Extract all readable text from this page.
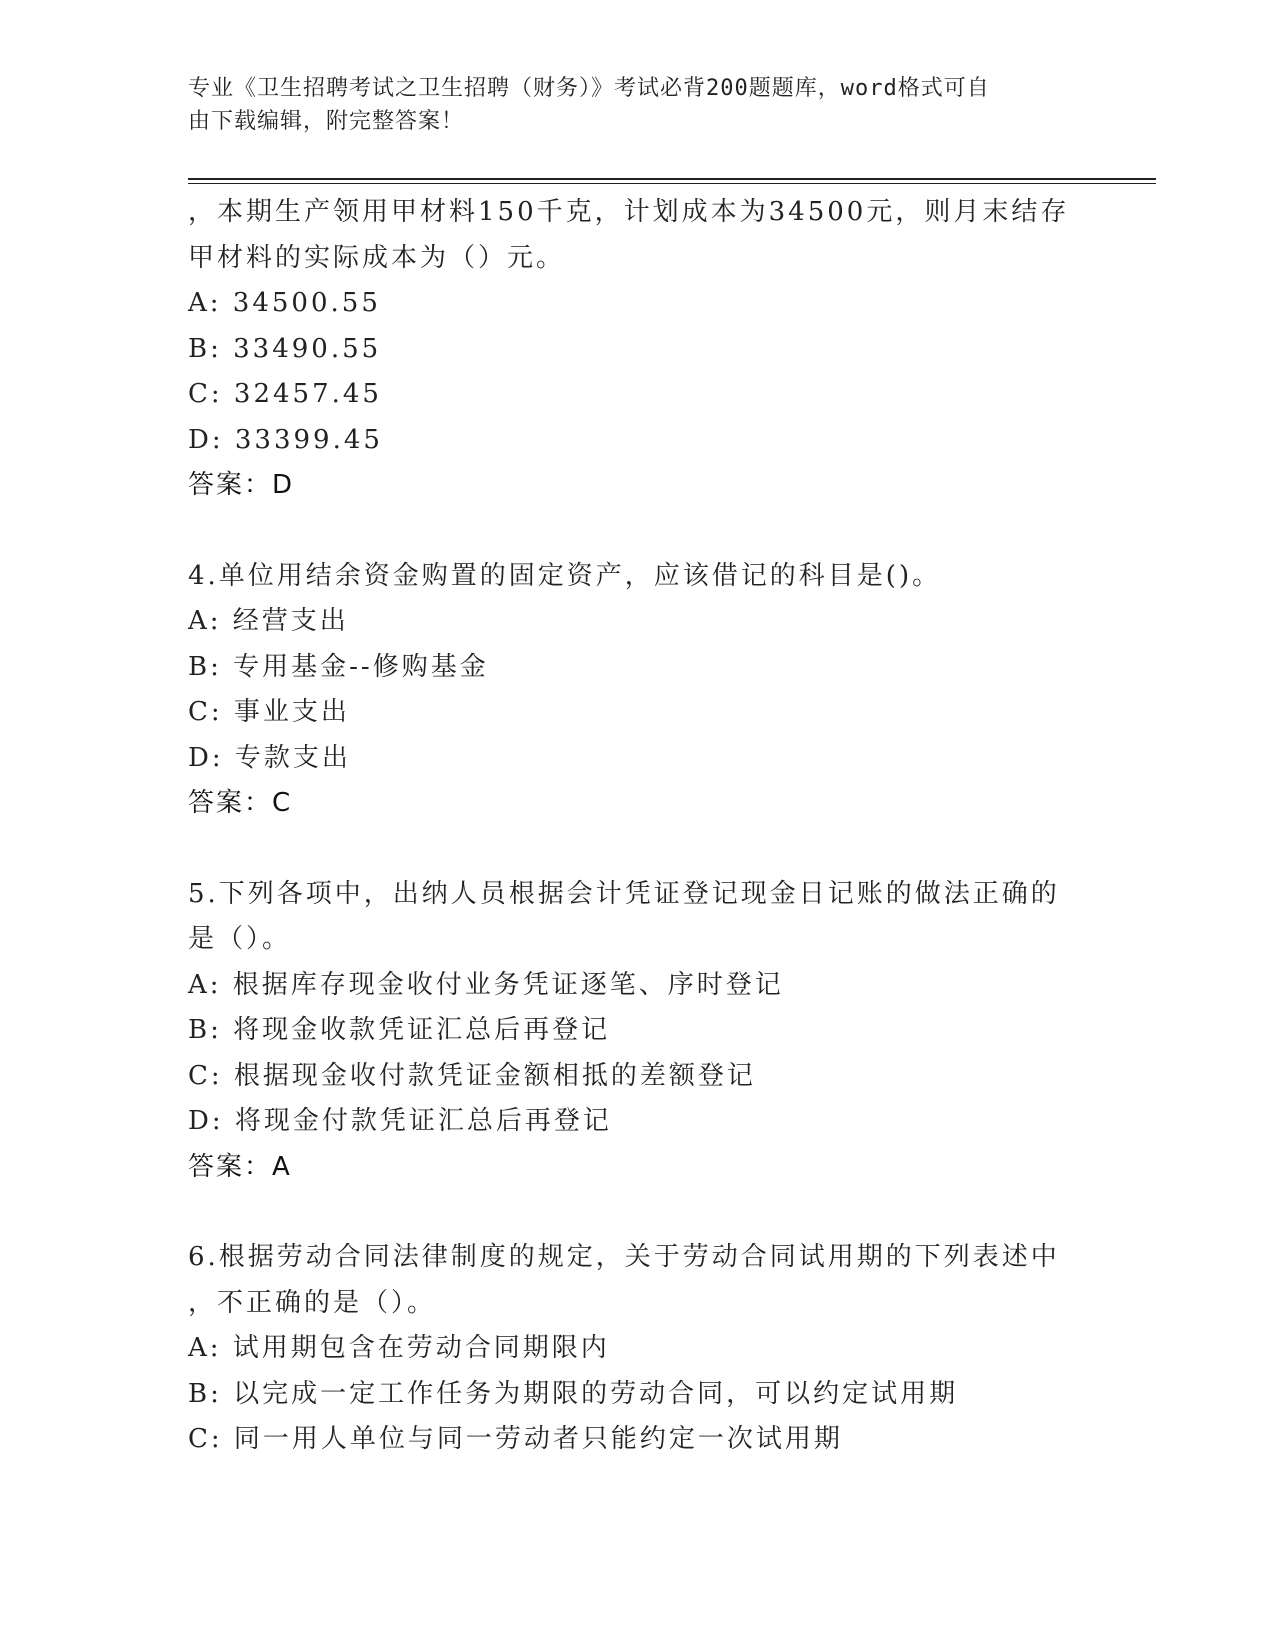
专业《卫生招聘考试之卫生招聘（财务）》考试必背200题题库，word格式可自
由下载编辑，附完整答案！
，本期生产领用甲材料150千克，计划成本为34500元，则月末结存
甲材料的实际成本为（）元。
A: 34500.55
B: 33490.55
C: 32457.45
D: 33399.45
答案：D
4.单位用结余资金购置的固定资产，应该借记的科目是()。
A: 经营支出
B: 专用基金--修购基金
C: 事业支出
D: 专款支出
答案：C
5.下列各项中，出纳人员根据会计凭证登记现金日记账的做法正确的
是（）。
A: 根据库存现金收付业务凭证逐笔、序时登记
B: 将现金收款凭证汇总后再登记
C: 根据现金收付款凭证金额相抵的差额登记
D: 将现金付款凭证汇总后再登记
答案：A
6.根据劳动合同法律制度的规定，关于劳动合同试用期的下列表述中
，不正确的是（）。
A: 试用期包含在劳动合同期限内
B: 以完成一定工作任务为期限的劳动合同，可以约定试用期
C: 同一用人单位与同一劳动者只能约定一次试用期
